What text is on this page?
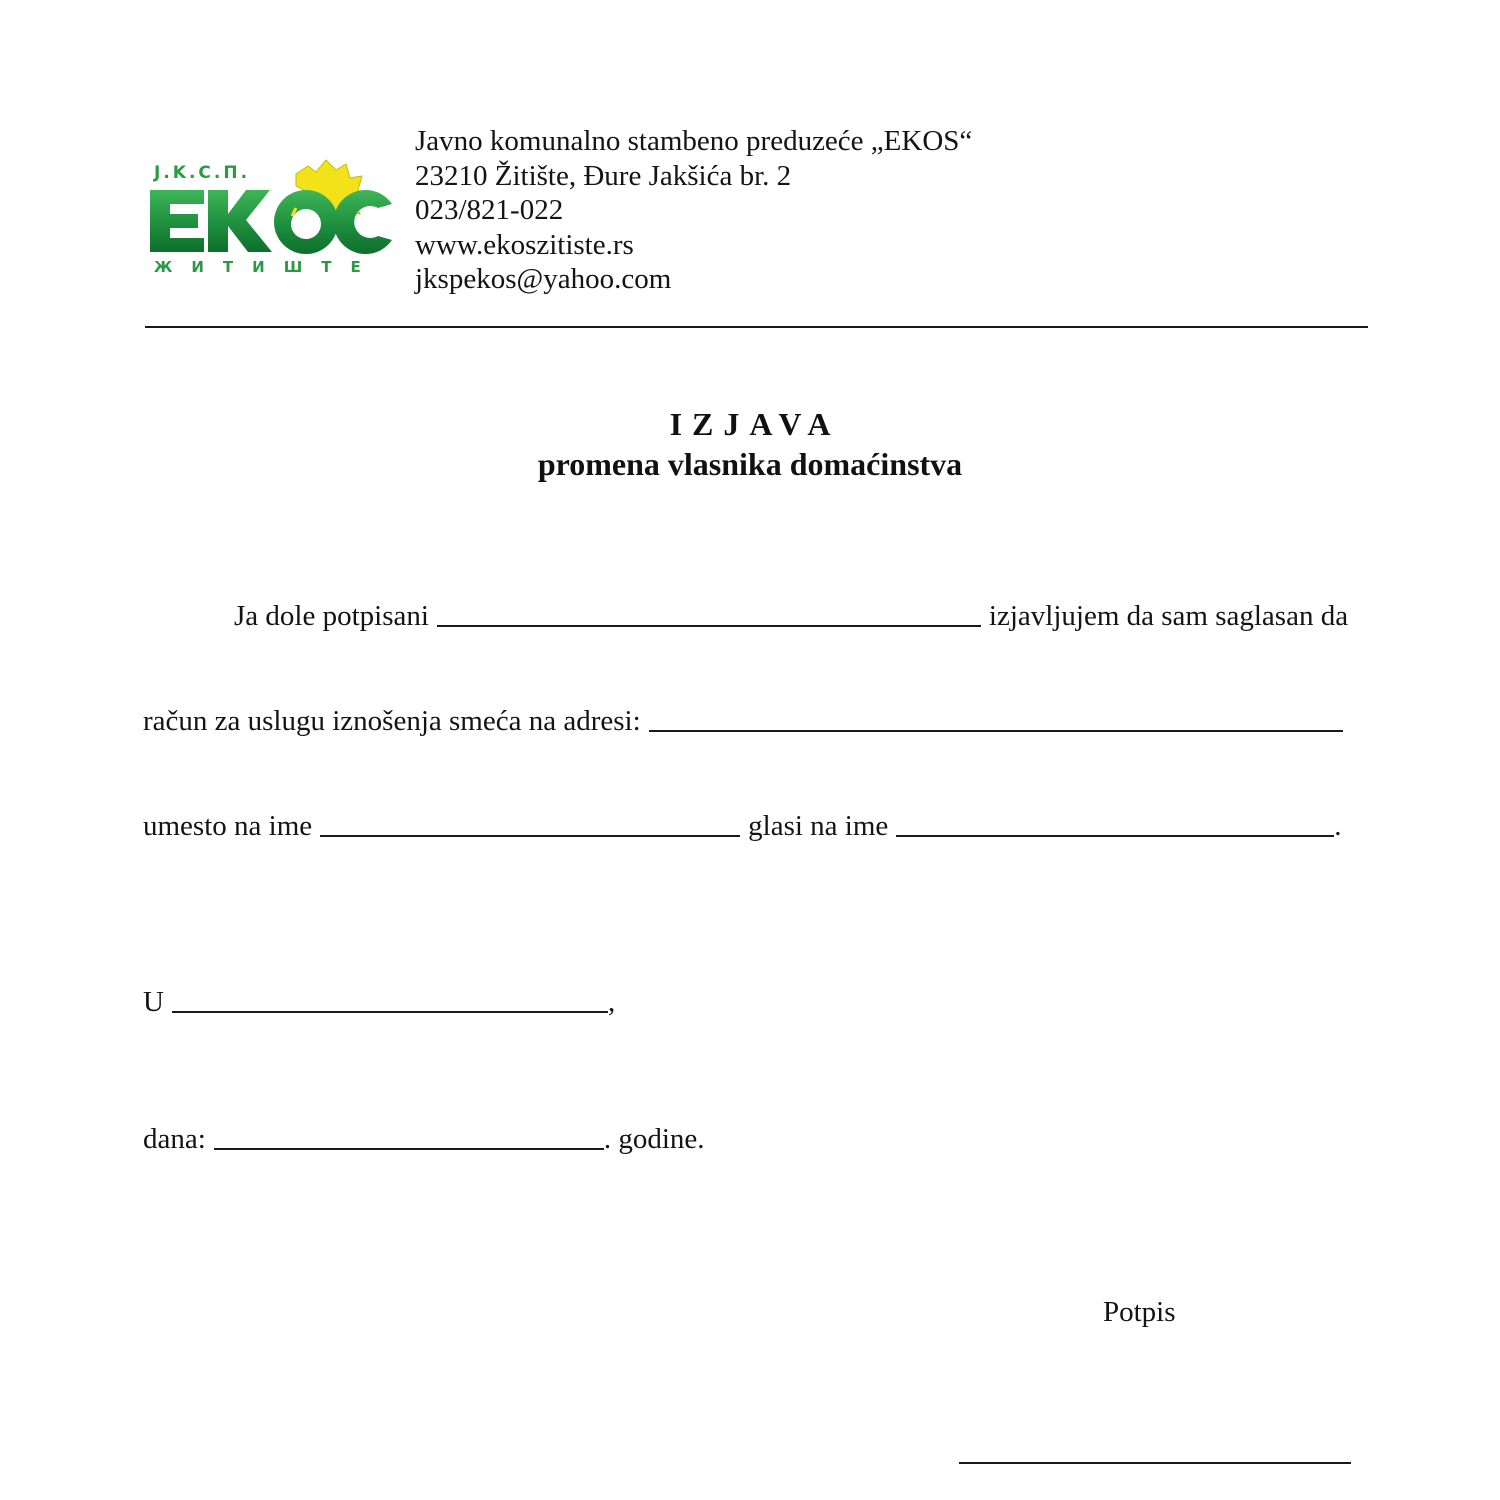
J.K.C.П.
ЖИТИШТЕ
Javno komunalno stambeno preduzeće „EKOS“
23210 Žitište, Đure Jakšića br. 2
023/821-022
www.ekoszitiste.rs
jkspekos@yahoo.com
IZJAVA
promena vlasnika domaćinstva
Ja dole potpisani	izjavljujem da sam saglasan da
račun za uslugu iznošenja smeća na adresi:
umesto na ime	glasi na ime	.
U	,
dana:	. godine.
Potpis
